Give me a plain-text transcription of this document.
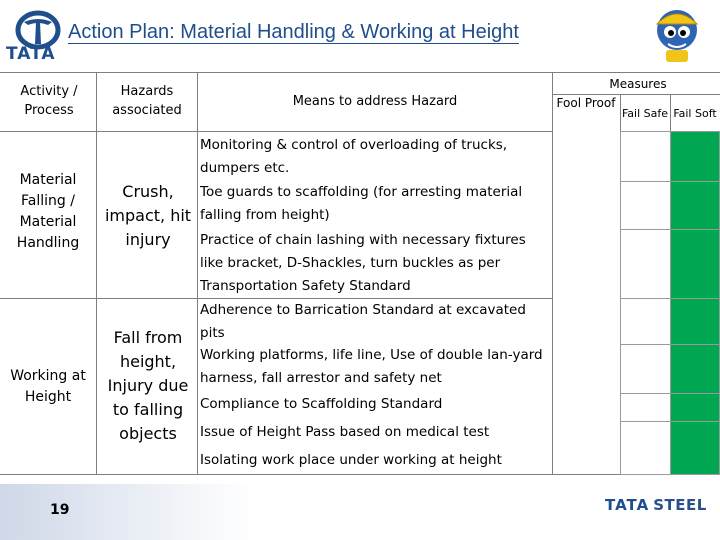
TATA
Action Plan: Material Handling & Working at Height
Activity / Process
Hazards associated
Means to address Hazard
Measures
Fool Proof
Fail Safe Fail Soft
Material Falling / Material Handling
Crush, impact, hit injury
Monitoring & control of overloading of trucks, dumpers etc.
Toe guards to scaffolding (for arresting material falling from height)
Practice of chain lashing with necessary fixtures like bracket, D-Shackles, turn buckles as per Transportation Safety Standard
Working at Height
Fall from height, Injury due to falling objects
Adherence to Barrication Standard at excavated pits
Working platforms, life line, Use of double lan-yard harness, fall arrestor and safety net
Compliance to Scaffolding Standard
Issue of Height Pass based on medical test
Isolating work place under working at height
19	TATA STEEL
